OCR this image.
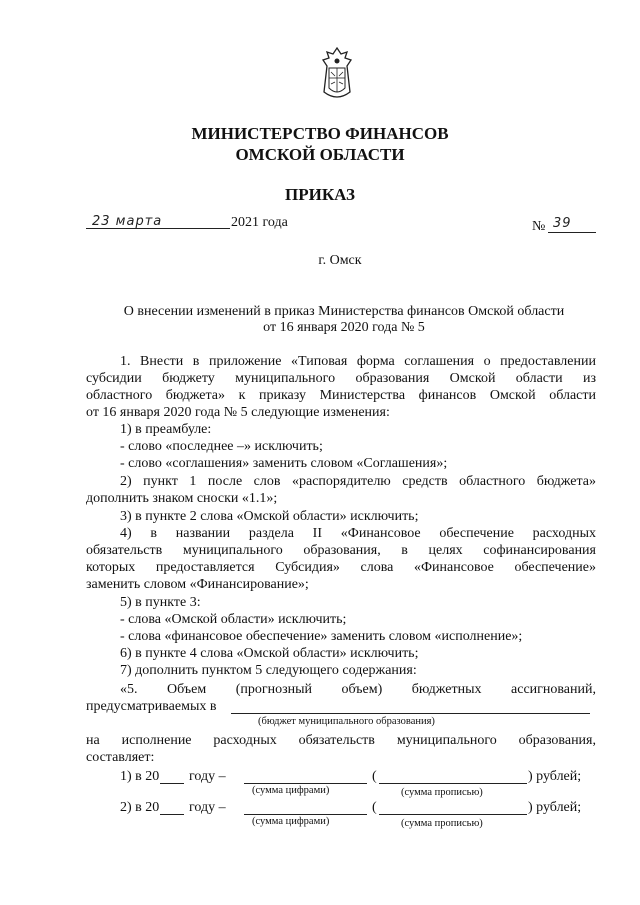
МИНИСТЕРСТВО ФИНАНСОВ
ОМСКОЙ ОБЛАСТИ
ПРИКАЗ
23 марта	2021 года	№ 39
г. Омск
О внесении изменений в приказ Министерства финансов Омской области
от 16 января 2020 года № 5
1. Внести в приложение «Типовая форма соглашения о предоставлении
субсидии бюджету муниципального образования Омской области из
областного бюджета» к приказу Министерства финансов Омской области
от 16 января 2020 года № 5 следующие изменения:
1) в преамбуле:
- слово «последнее –» исключить;
- слово «соглашения» заменить словом «Соглашения»;
2) пункт 1 после слов «распорядителю средств областного бюджета»
дополнить знаком сноски «1.1»;
3) в пункте 2 слова «Омской области» исключить;
4) в названии раздела II «Финансовое обеспечение расходных
обязательств муниципального образования, в целях софинансирования
которых предоставляется Субсидия» слова «Финансовое обеспечение»
заменить словом «Финансирование»;
5) в пункте 3:
- слова «Омской области» исключить;
- слова «финансовое обеспечение» заменить словом «исполнение»;
6) в пункте 4 слова «Омской области» исключить;
7) дополнить пунктом 5 следующего содержания:
«5. Объем (прогнозный объем) бюджетных ассигнований,
предусматриваемых в
(бюджет муниципального образования)
на исполнение расходных обязательств муниципального образования,
составляет:
1) в 20 году –	(	) рублей;
(сумма цифрами)	(сумма прописью)
2) в 20 году –	(	) рублей;
(сумма цифрами)	(сумма прописью)
